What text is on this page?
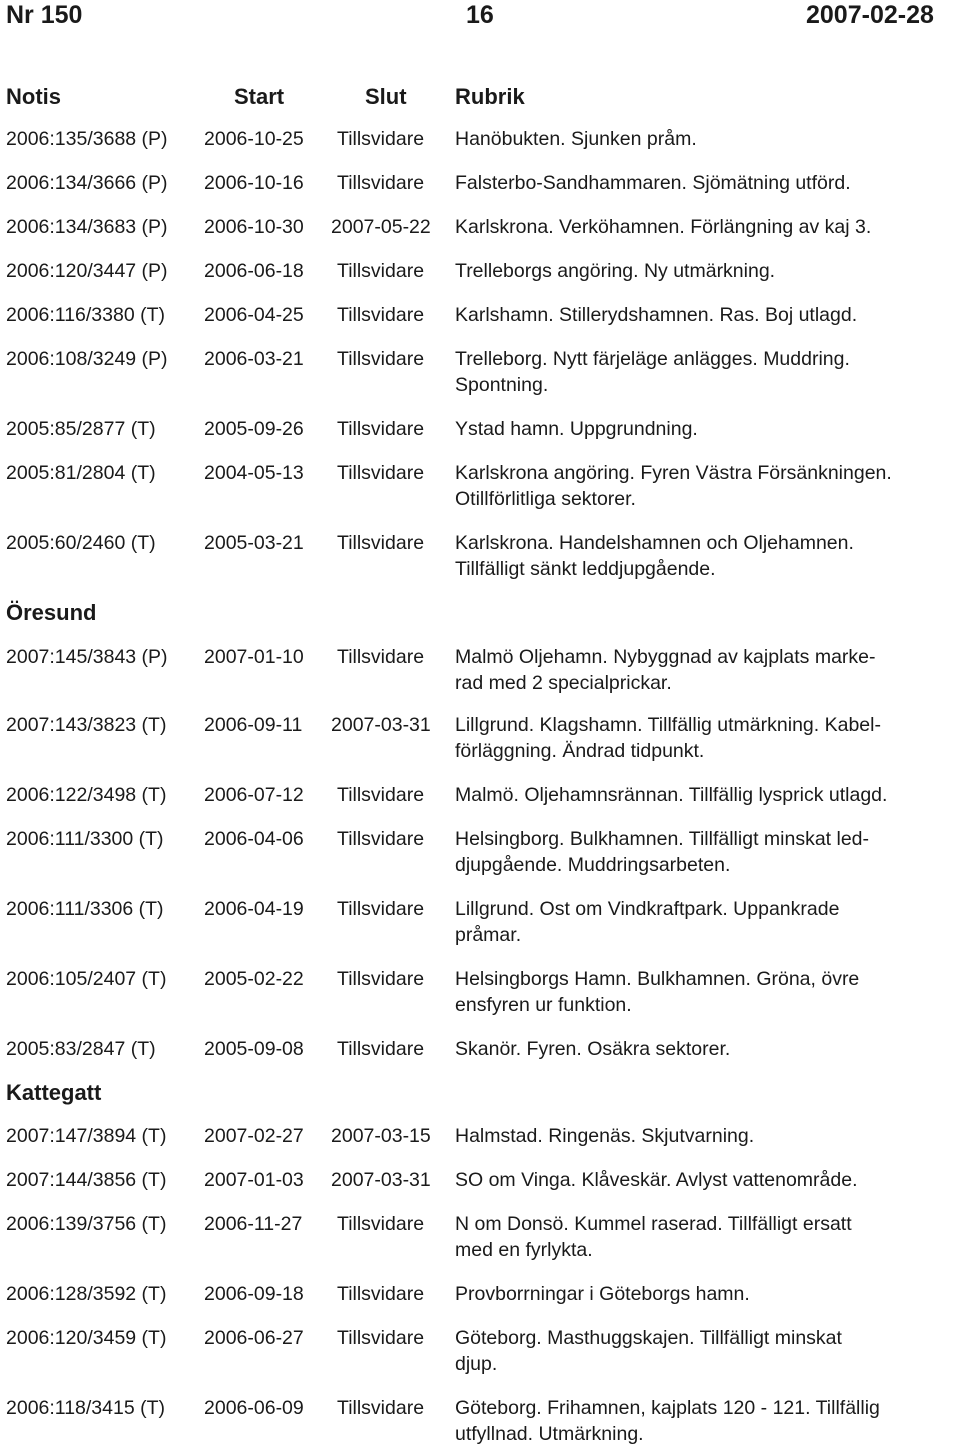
Nr 150	16	2007-02-28
Notis	Start	Slut Rubrik
2006:135/3688 (P) 2006-10-25 Tillsvidare Hanöbukten. Sjunken pråm.
2006:134/3666 (P) 2006-10-16 Tillsvidare Falsterbo-Sandhammaren. Sjömätning utförd.
2006:134/3683 (P) 2006-10-30 2007-05-22 Karlskrona. Verköhamnen. Förlängning av kaj 3.
2006:120/3447 (P) 2006-06-18 Tillsvidare Trelleborgs angöring. Ny utmärkning.
2006:116/3380 (T) 2006-04-25 Tillsvidare Karlshamn. Stillerydshamnen. Ras. Boj utlagd.
2006:108/3249 (P) 2006-03-21 Tillsvidare Trelleborg. Nytt färjeläge anlägges. Muddring.
Spontning.
2005:85/2877 (T) 2005-09-26 Tillsvidare Ystad hamn. Uppgrundning.
2005:81/2804 (T) 2004-05-13 Tillsvidare Karlskrona angöring. Fyren Västra Försänkningen.
Otillförlitliga sektorer.
2005:60/2460 (T) 2005-03-21 Tillsvidare Karlskrona. Handelshamnen och Oljehamnen.
Tillfälligt sänkt leddjupgående.
Öresund
2007:145/3843 (P) 2007-01-10 Tillsvidare Malmö Oljehamn. Nybyggnad av kajplats marke-
rad med 2 specialprickar.
2007:143/3823 (T) 2006-09-11 2007-03-31 Lillgrund. Klagshamn. Tillfällig utmärkning. Kabel-
förläggning. Ändrad tidpunkt.
2006:122/3498 (T) 2006-07-12 Tillsvidare Malmö. Oljehamnsrännan. Tillfällig lysprick utlagd.
2006:111/3300 (T) 2006-04-06 Tillsvidare Helsingborg. Bulkhamnen. Tillfälligt minskat led-
djupgående. Muddringsarbeten.
2006:111/3306 (T) 2006-04-19 Tillsvidare Lillgrund. Ost om Vindkraftpark. Uppankrade
pråmar.
2006:105/2407 (T) 2005-02-22 Tillsvidare Helsingborgs Hamn. Bulkhamnen. Gröna, övre
ensfyren ur funktion.
2005:83/2847 (T) 2005-09-08 Tillsvidare Skanör. Fyren. Osäkra sektorer.
Kattegatt
2007:147/3894 (T) 2007-02-27 2007-03-15 Halmstad. Ringenäs. Skjutvarning.
2007:144/3856 (T) 2007-01-03 2007-03-31 SO om Vinga. Klåveskär. Avlyst vattenområde.
2006:139/3756 (T) 2006-11-27 Tillsvidare N om Donsö. Kummel raserad. Tillfälligt ersatt
med en fyrlykta.
2006:128/3592 (T) 2006-09-18 Tillsvidare Provborrningar i Göteborgs hamn.
2006:120/3459 (T) 2006-06-27 Tillsvidare Göteborg. Masthuggskajen. Tillfälligt minskat
djup.
2006:118/3415 (T) 2006-06-09 Tillsvidare Göteborg. Frihamnen, kajplats 120 - 121. Tillfällig
utfyllnad. Utmärkning.
